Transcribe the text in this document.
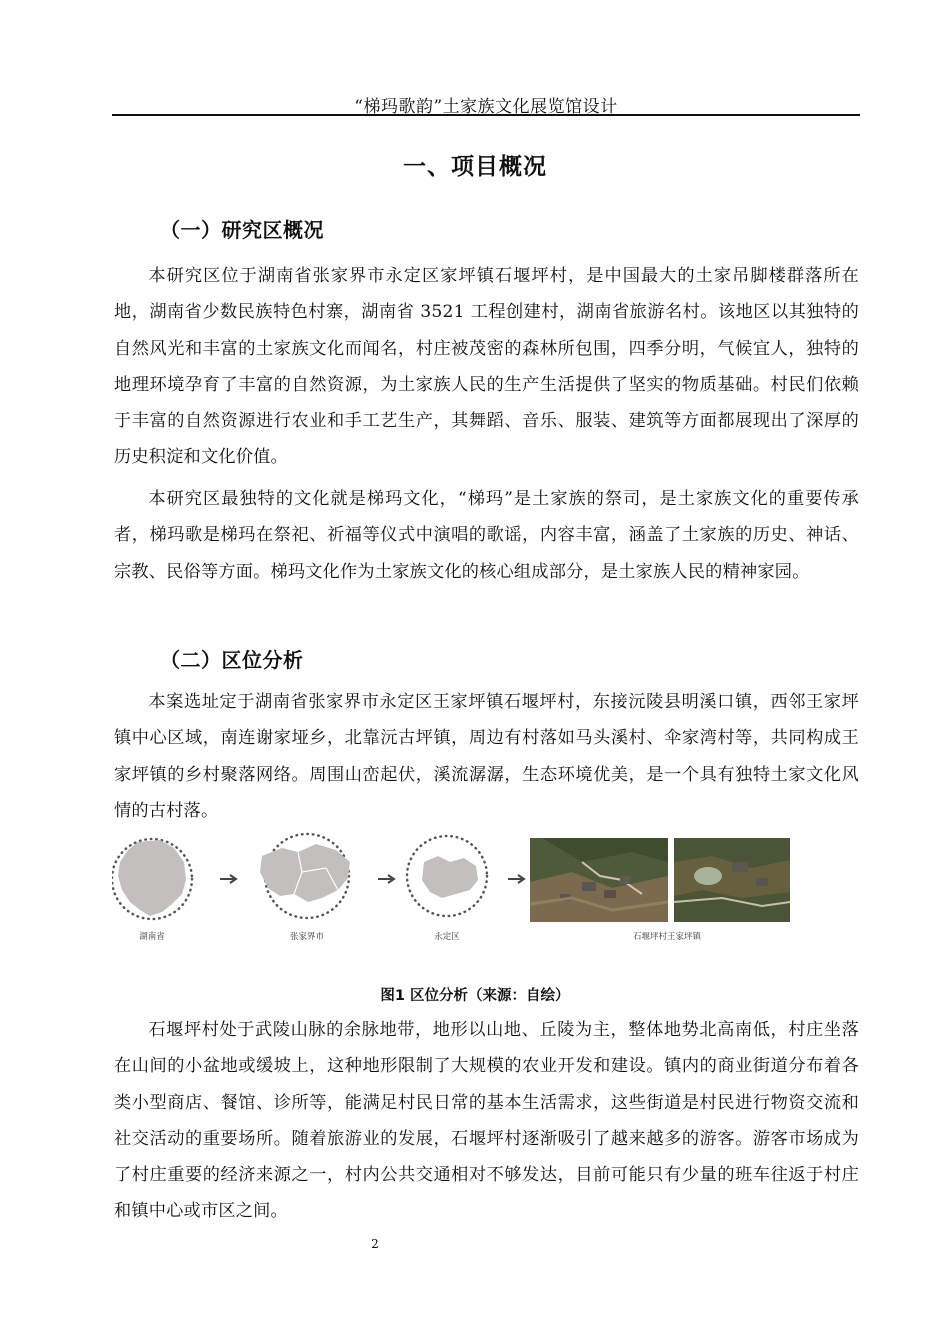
“梯玛歌韵”土家族文化展览馆设计
一、项目概况
（一）研究区概况

本研究区位于湖南省张家界市永定区家坪镇石堰坪村，是中国最大的土家吊脚楼群落所在地，湖南省少数民族特色村寨，湖南省 3521 工程创建村，湖南省旅游名村。该地区以其独特的自然风光和丰富的土家族文化而闻名，村庄被茂密的森林所包围，四季分明，气候宜人，独特的地理环境孕育了丰富的自然资源，为土家族人民的生产生活提供了坚实的物质基础。村民们依赖于丰富的自然资源进行农业和手工艺生产，其舞蹈、音乐、服装、建筑等方面都展现出了深厚的历史积淀和文化价值。

本研究区最独特的文化就是梯玛文化，“梯玛”是土家族的祭司，是土家族文化的重要传承者，梯玛歌是梯玛在祭祀、祈福等仪式中演唱的歌谣，内容丰富，涵盖了土家族的历史、神话、宗教、民俗等方面。梯玛文化作为土家族文化的核心组成部分，是土家族人民的精神家园。

（二）区位分析

本案选址定于湖南省张家界市永定区王家坪镇石堰坪村，东接沅陵县明溪口镇，西邻王家坪镇中心区域，南连谢家垭乡，北靠沅古坪镇，周边有村落如马头溪村、伞家湾村等，共同构成王家坪镇的乡村聚落网络。周围山峦起伏，溪流潺潺，生态环境优美，是一个具有独特土家文化风情的古村落。

湖南省	张家界市	永定区	石堰坪村王家坪镇
图1 区位分析（来源：自绘）

石堰坪村处于武陵山脉的余脉地带，地形以山地、丘陵为主，整体地势北高南低，村庄坐落在山间的小盆地或缓坡上，这种地形限制了大规模的农业开发和建设。镇内的商业街道分布着各类小型商店、餐馆、诊所等，能满足村民日常的基本生活需求，这些街道是村民进行物资交流和社交活动的重要场所。随着旅游业的发展，石堰坪村逐渐吸引了越来越多的游客。游客市场成为了村庄重要的经济来源之一，村内公共交通相对不够发达，目前可能只有少量的班车往返于村庄和镇中心或市区之间。

2
